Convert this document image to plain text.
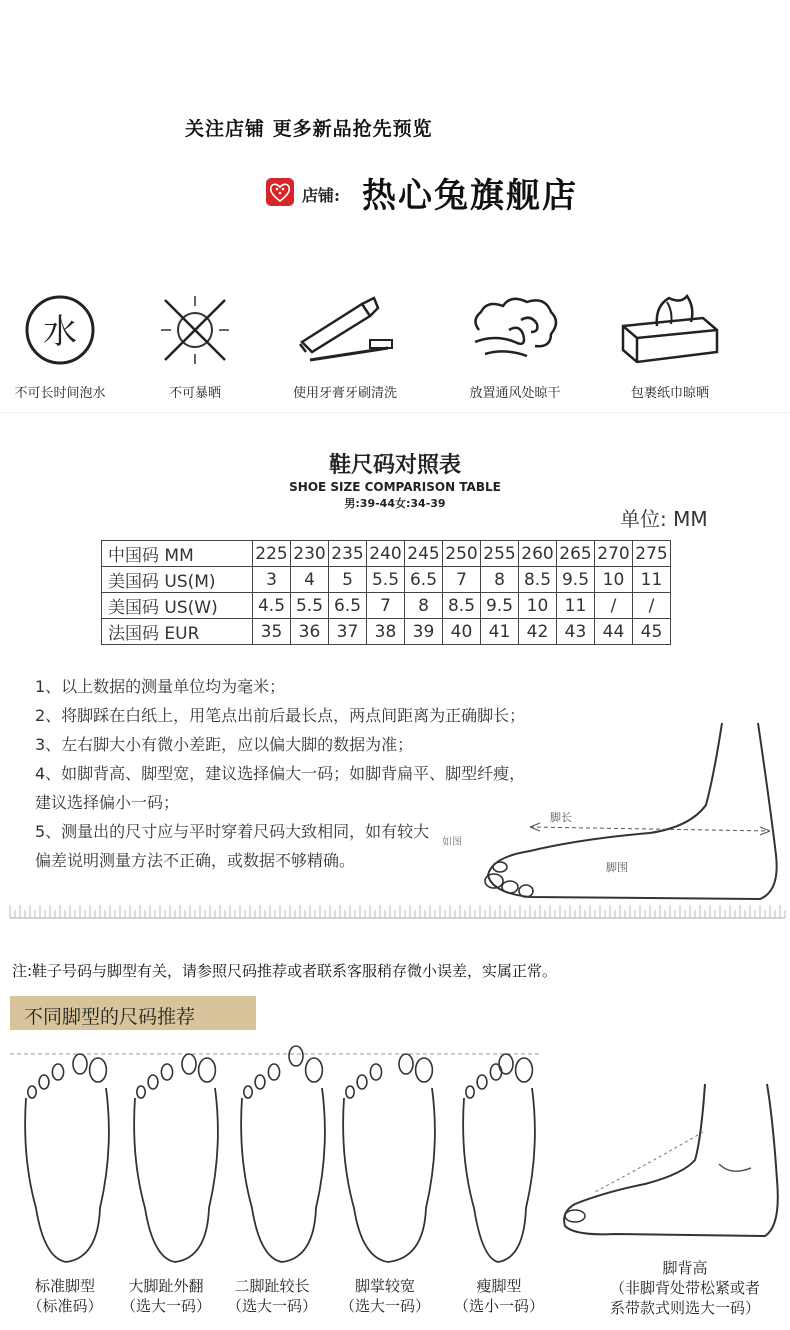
关注店铺 更多新品抢先预览
店铺: 热心兔旗舰店
水
不可长时间泡水	不可暴晒	使用牙膏牙刷清洗	放置通风处晾干	包裹纸巾晾晒
鞋尺码对照表
SHOE SIZE COMPARISON TABLE
男:39-44女:34-39
单位: MM
中国码 MM	225	230	235	240	245	250	255	260	265	270	275
美国码 US(M)	3	4	5	5.5	6.5	7	8	8.5	9.5	10	11
美国码 US(W)	4.5	5.5	6.5	7	8	8.5	9.5	10	11	/	/
法国码 EUR	35	36	37	38	39	40	41	42	43	44	45
1、以上数据的测量单位均为毫米；
2、将脚踩在白纸上，用笔点出前后最长点，两点间距离为正确脚长；
3、左右脚大小有微小差距，应以偏大脚的数据为准；
4、如脚背高、脚型宽，建议选择偏大一码；如脚背扁平、脚型纤瘦，
建议选择偏小一码；
5、测量出的尺寸应与平时穿着尺码大致相同，如有较大
偏差说明测量方法不正确，或数据不够精确。
脚长
脚围
如图
注:鞋子号码与脚型有关，请参照尺码推荐或者联系客服稍存微小误差，实属正常。
不同脚型的尺码推荐
标准脚型
（标准码）
大脚趾外翻
（选大一码）
二脚趾较长
（选大一码）
脚掌较宽
（选大一码）
瘦脚型
（选小一码）
脚背高
（非脚背处带松紧或者
系带款式则选大一码）
